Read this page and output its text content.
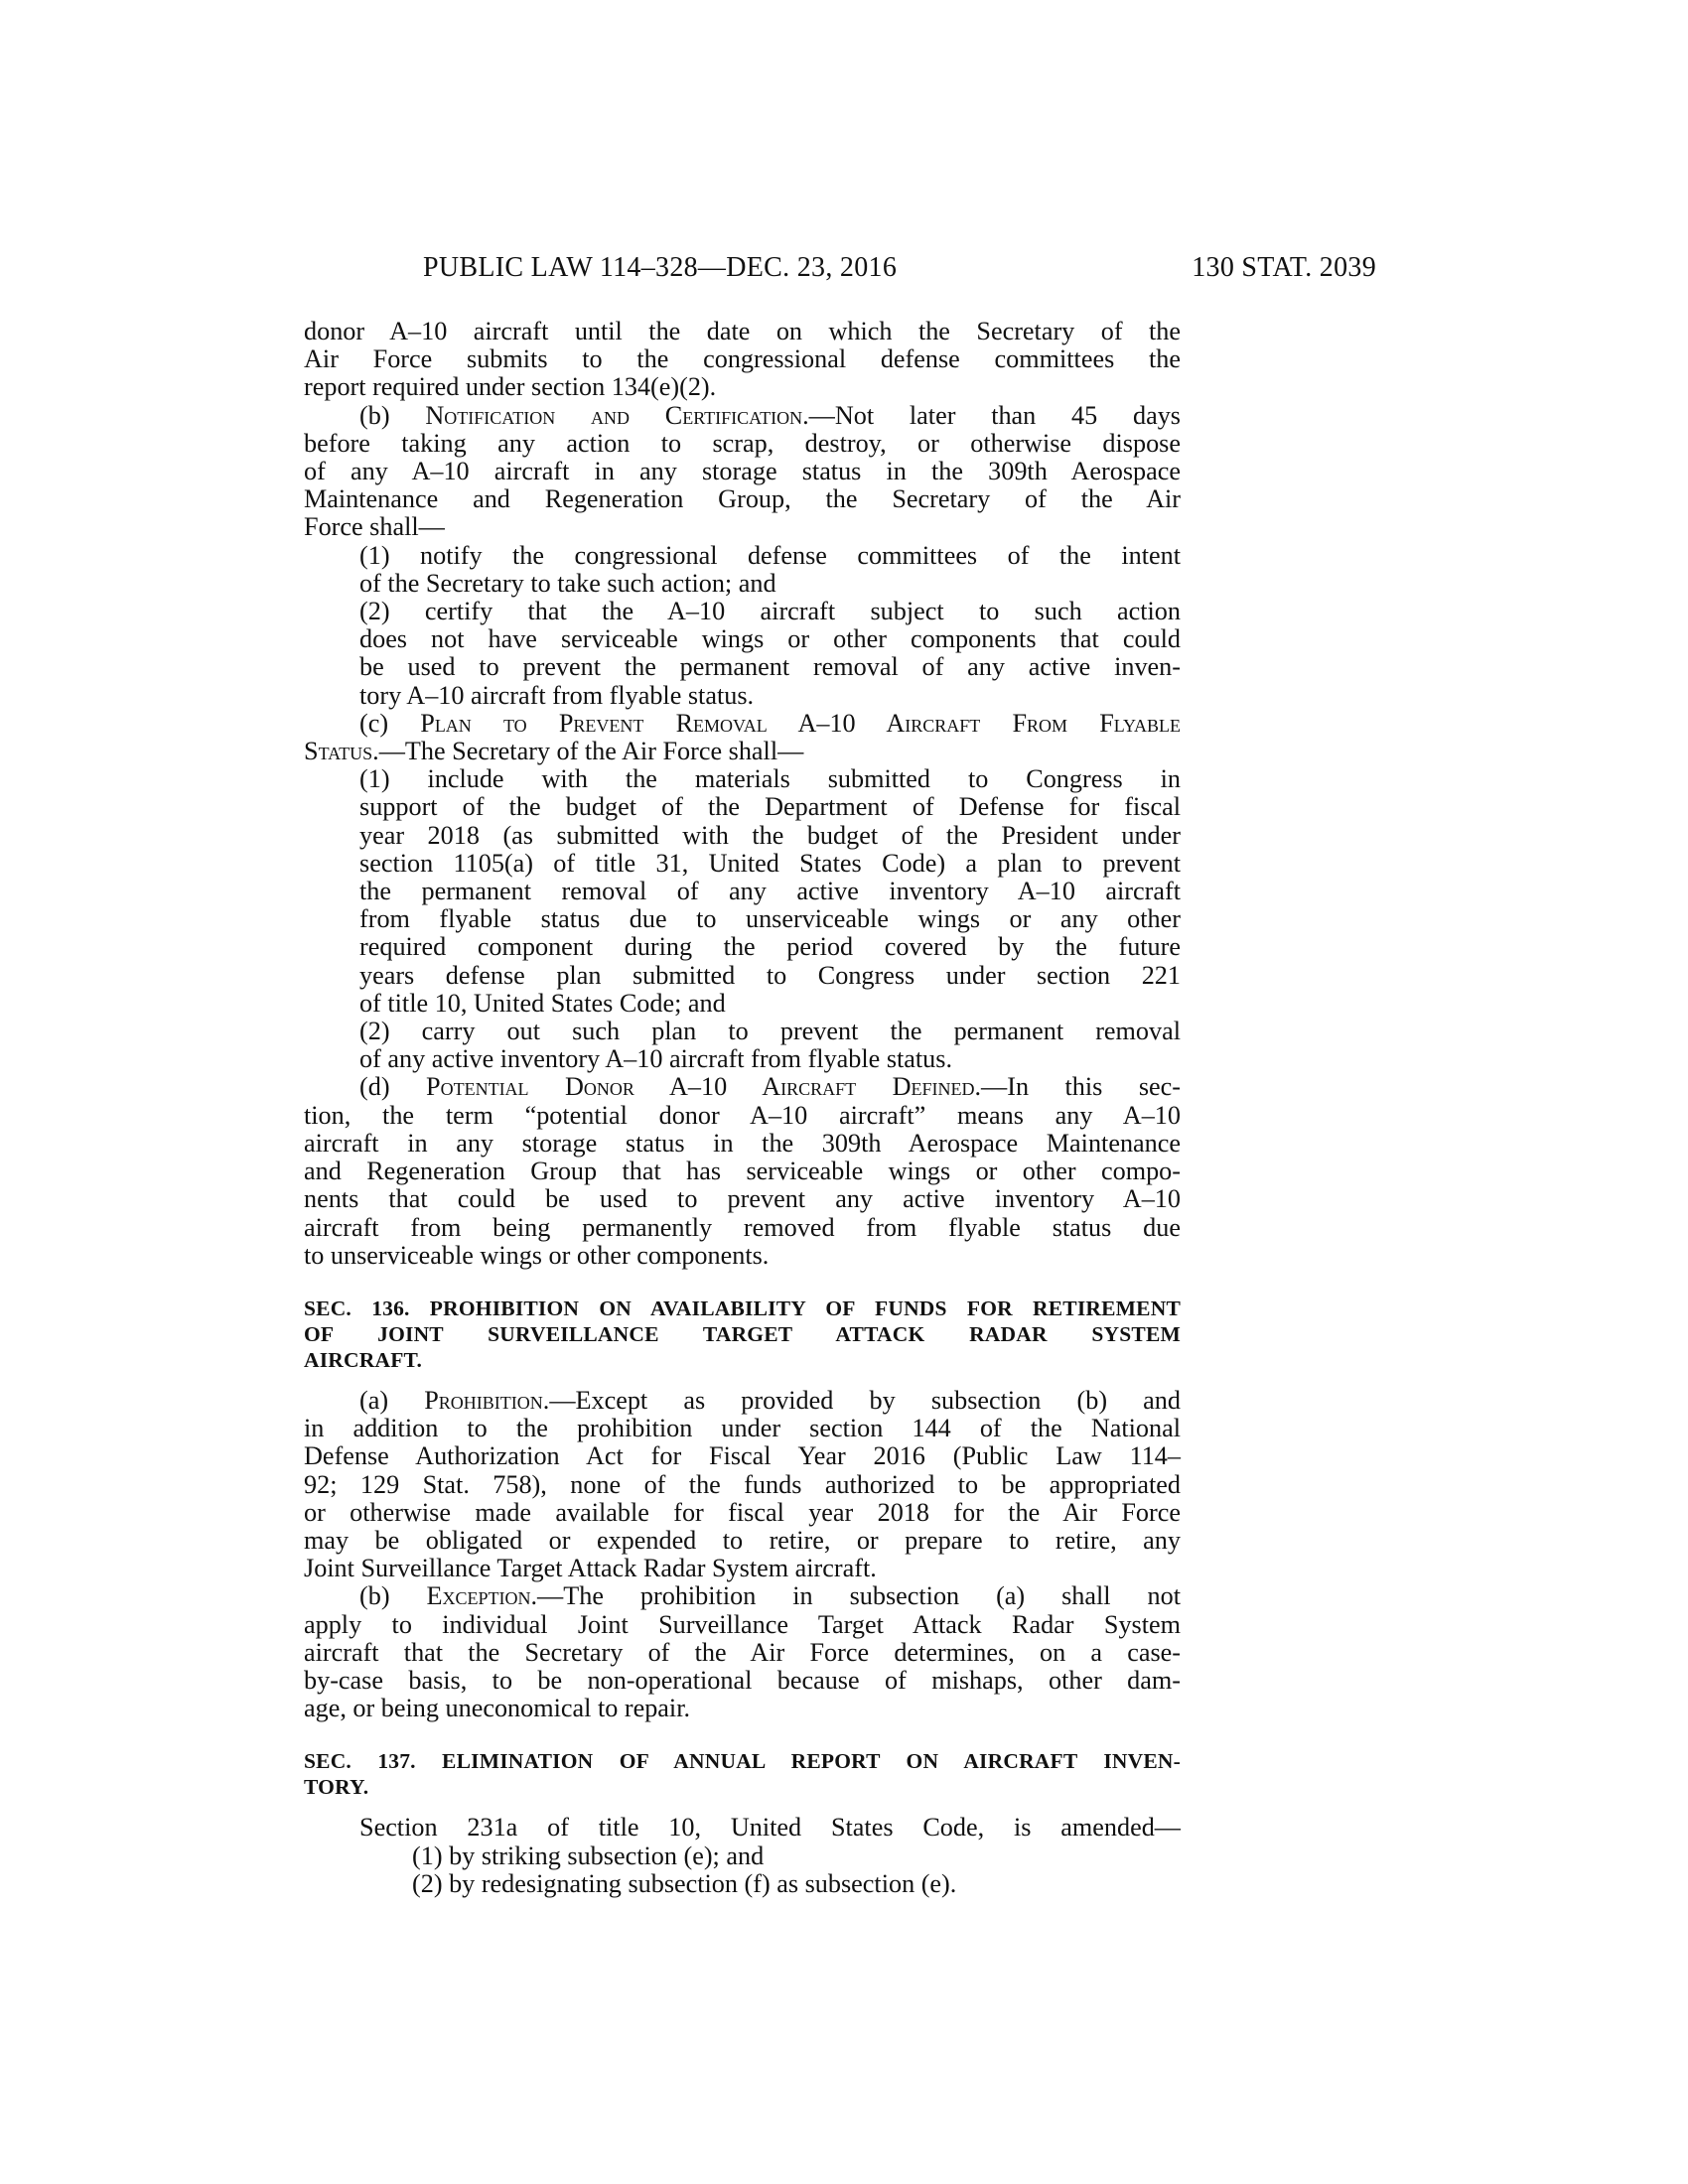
PUBLIC LAW 114–328—DEC. 23, 2016	130 STAT. 2039

donor A–10 aircraft until the date on which the Secretary of the

Air Force submits to the congressional defense committees the

report required under section 134(e)(2).

(b) Notification and Certification.—Not later than 45 days

before taking any action to scrap, destroy, or otherwise dispose

of any A–10 aircraft in any storage status in the 309th Aerospace

Maintenance and Regeneration Group, the Secretary of the Air

Force shall—

(1) notify the congressional defense committees of the intent

of the Secretary to take such action; and

(2) certify that the A–10 aircraft subject to such action

does not have serviceable wings or other components that could

be used to prevent the permanent removal of any active inven-

tory A–10 aircraft from flyable status.

(c) Plan to Prevent Removal A–10 Aircraft From Flyable

Status.—The Secretary of the Air Force shall—

(1) include with the materials submitted to Congress in

support of the budget of the Department of Defense for fiscal

year 2018 (as submitted with the budget of the President under

section 1105(a) of title 31, United States Code) a plan to prevent

the permanent removal of any active inventory A–10 aircraft

from flyable status due to unserviceable wings or any other

required component during the period covered by the future

years defense plan submitted to Congress under section 221

of title 10, United States Code; and

(2) carry out such plan to prevent the permanent removal

of any active inventory A–10 aircraft from flyable status.

(d) Potential Donor A–10 Aircraft Defined.—In this sec-

tion, the term “potential donor A–10 aircraft” means any A–10

aircraft in any storage status in the 309th Aerospace Maintenance

and Regeneration Group that has serviceable wings or other compo-

nents that could be used to prevent any active inventory A–10

aircraft from being permanently removed from flyable status due

to unserviceable wings or other components.

SEC. 136. PROHIBITION ON AVAILABILITY OF FUNDS FOR RETIREMENT
OF JOINT SURVEILLANCE TARGET ATTACK RADAR SYSTEM
AIRCRAFT.

(a) Prohibition.—Except as provided by subsection (b) and

in addition to the prohibition under section 144 of the National

Defense Authorization Act for Fiscal Year 2016 (Public Law 114–

92; 129 Stat. 758), none of the funds authorized to be appropriated

or otherwise made available for fiscal year 2018 for the Air Force

may be obligated or expended to retire, or prepare to retire, any

Joint Surveillance Target Attack Radar System aircraft.

(b) Exception.—The prohibition in subsection (a) shall not

apply to individual Joint Surveillance Target Attack Radar System

aircraft that the Secretary of the Air Force determines, on a case-

by-case basis, to be non-operational because of mishaps, other dam-

age, or being uneconomical to repair.

SEC. 137. ELIMINATION OF ANNUAL REPORT ON AIRCRAFT INVEN-
TORY.

Section 231a of title 10, United States Code, is amended—

(1) by striking subsection (e); and

(2) by redesignating subsection (f) as subsection (e).
